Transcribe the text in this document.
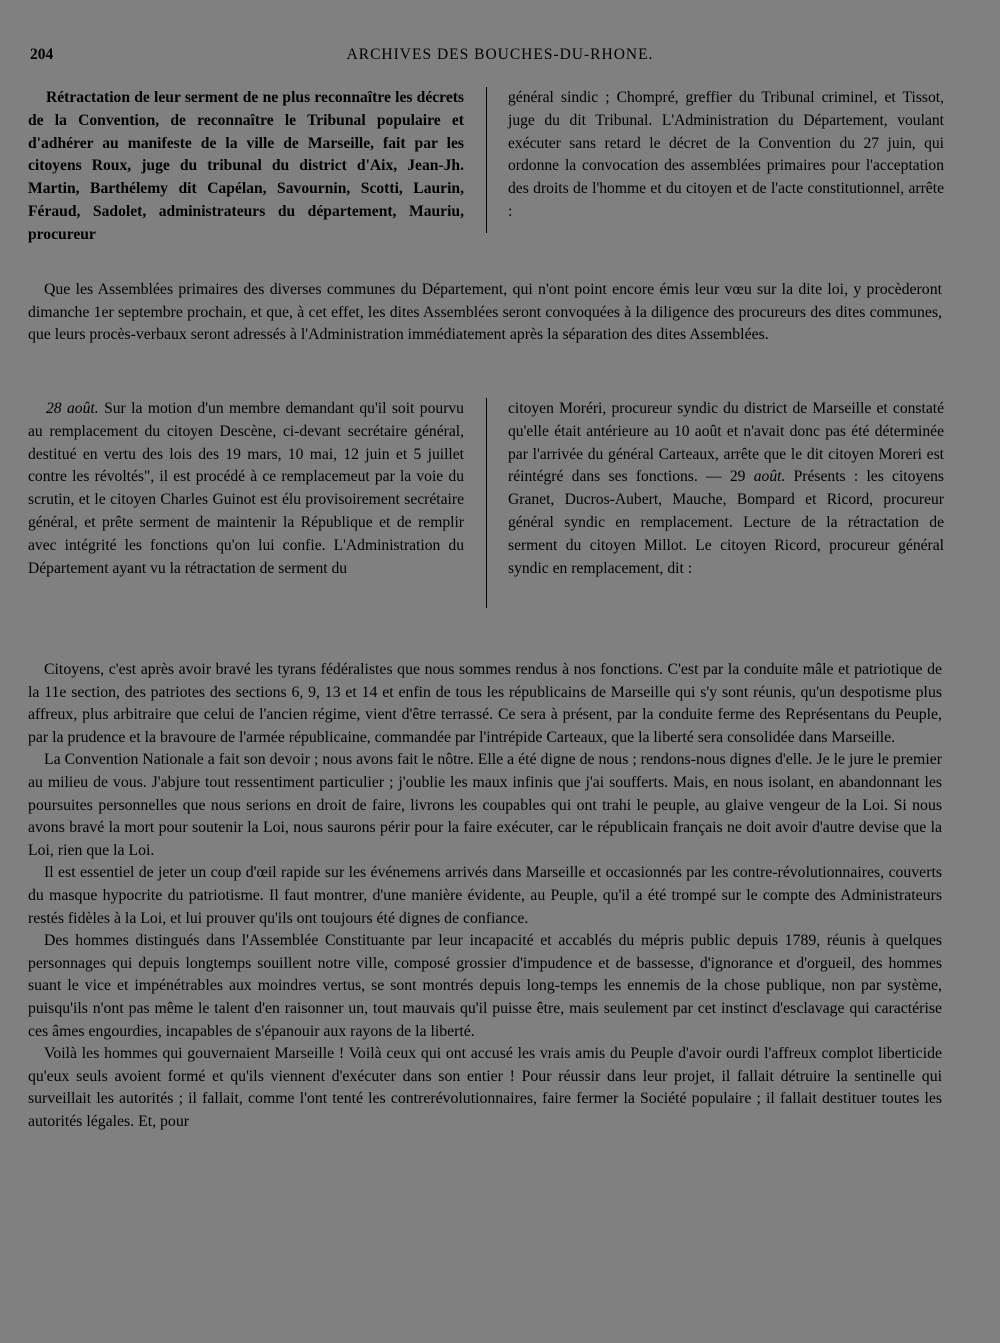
204	ARCHIVES DES BOUCHES-DU-RHONE.

Rétractation de leur serment de ne plus reconnaître les décrets de la Convention, de reconnaître le Tribunal populaire et d'adhérer au manifeste de la ville de Marseille, fait par les citoyens Roux, juge du tribunal du district d'Aix, Jean-Jh. Martin, Barthélemy dit Capélan, Savournin, Scotti, Laurin, Féraud, Sadolet, administrateurs du département, Mauriu, procureur

général sindic ; Chompré, greffier du Tribunal criminel, et Tissot, juge du dit Tribunal. L'Administration du Département, voulant exécuter sans retard le décret de la Convention du 27 juin, qui ordonne la convocation des assemblées primaires pour l'acceptation des droits de l'homme et du citoyen et de l'acte constitutionnel, arrête :

Que les Assemblées primaires des diverses communes du Département, qui n'ont point encore émis leur vœu sur la dite loi, y procèderont dimanche 1er septembre prochain, et que, à cet effet, les dites Assemblées seront convoquées à la diligence des procureurs des dites communes, que leurs procès-verbaux seront adressés à l'Administration immédiatement après la séparation des dites Assemblées.

28 août. Sur la motion d'un membre demandant qu'il soit pourvu au remplacement du citoyen Descène, ci-devant secrétaire général, destitué en vertu des lois des 19 mars, 10 mai, 12 juin et 5 juillet contre les révoltés", il est procédé à ce remplacemeut par la voie du scrutin, et le citoyen Charles Guinot est élu provisoirement secrétaire général, et prête serment de maintenir la République et de remplir avec intégrité les fonctions qu'on lui confie. L'Administration du Département ayant vu la rétractation de serment du

citoyen Moréri, procureur syndic du district de Marseille et constaté qu'elle était antérieure au 10 août et n'avait donc pas été déterminée par l'arrivée du général Carteaux, arrête que le dit citoyen Moreri est réintégré dans ses fonctions. — 29 août. Présents : les citoyens Granet, Ducros-Aubert, Mauche, Bompard et Ricord, procureur général syndic en remplacement. Lecture de la rétractation de serment du citoyen Millot. Le citoyen Ricord, procureur général syndic en remplacement, dit :

Citoyens, c'est après avoir bravé les tyrans fédéralistes que nous sommes rendus à nos fonctions. C'est par la conduite mâle et patriotique de la 11e section, des patriotes des sections 6, 9, 13 et 14 et enfin de tous les républicains de Marseille qui s'y sont réunis, qu'un despotisme plus affreux, plus arbitraire que celui de l'ancien régime, vient d'être terrassé. Ce sera à présent, par la conduite ferme des Représentans du Peuple, par la prudence et la bravoure de l'armée républicaine, commandée par l'intrépide Carteaux, que la liberté sera consolidée dans Marseille.

La Convention Nationale a fait son devoir ; nous avons fait le nôtre. Elle a été digne de nous ; rendons-nous dignes d'elle. Je le jure le premier au milieu de vous. J'abjure tout ressentiment particulier ; j'oublie les maux infinis que j'ai soufferts. Mais, en nous isolant, en abandonnant les poursuites personnelles que nous serions en droit de faire, livrons les coupables qui ont trahi le peuple, au glaive vengeur de la Loi. Si nous avons bravé la mort pour soutenir la Loi, nous saurons périr pour la faire exécuter, car le républicain français ne doit avoir d'autre devise que la Loi, rien que la Loi.

Il est essentiel de jeter un coup d'œil rapide sur les événemens arrivés dans Marseille et occasionnés par les contre-révolutionnaires, couverts du masque hypocrite du patriotisme. Il faut montrer, d'une manière évidente, au Peuple, qu'il a été trompé sur le compte des Administrateurs restés fidèles à la Loi, et lui prouver qu'ils ont toujours été dignes de confiance.

Des hommes distingués dans l'Assemblée Constituante par leur incapacité et accablés du mépris public depuis 1789, réunis à quelques personnages qui depuis longtemps souillent notre ville, composé grossier d'impudence et de bassesse, d'ignorance et d'orgueil, des hommes suant le vice et impénétrables aux moindres vertus, se sont montrés depuis long-temps les ennemis de la chose publique, non par système, puisqu'ils n'ont pas même le talent d'en raisonner un, tout mauvais qu'il puisse être, mais seulement par cet instinct d'esclavage qui caractérise ces âmes engourdies, incapables de s'épanouir aux rayons de la liberté.

Voilà les hommes qui gouvernaient Marseille ! Voilà ceux qui ont accusé les vrais amis du Peuple d'avoir ourdi l'affreux complot liberticide qu'eux seuls avoient formé et qu'ils viennent d'exécuter dans son entier ! Pour réussir dans leur projet, il fallait détruire la sentinelle qui surveillait les autorités ; il fallait, comme l'ont tenté les contrerévolutionnaires, faire fermer la Société populaire ; il fallait destituer toutes les autorités légales. Et, pour
